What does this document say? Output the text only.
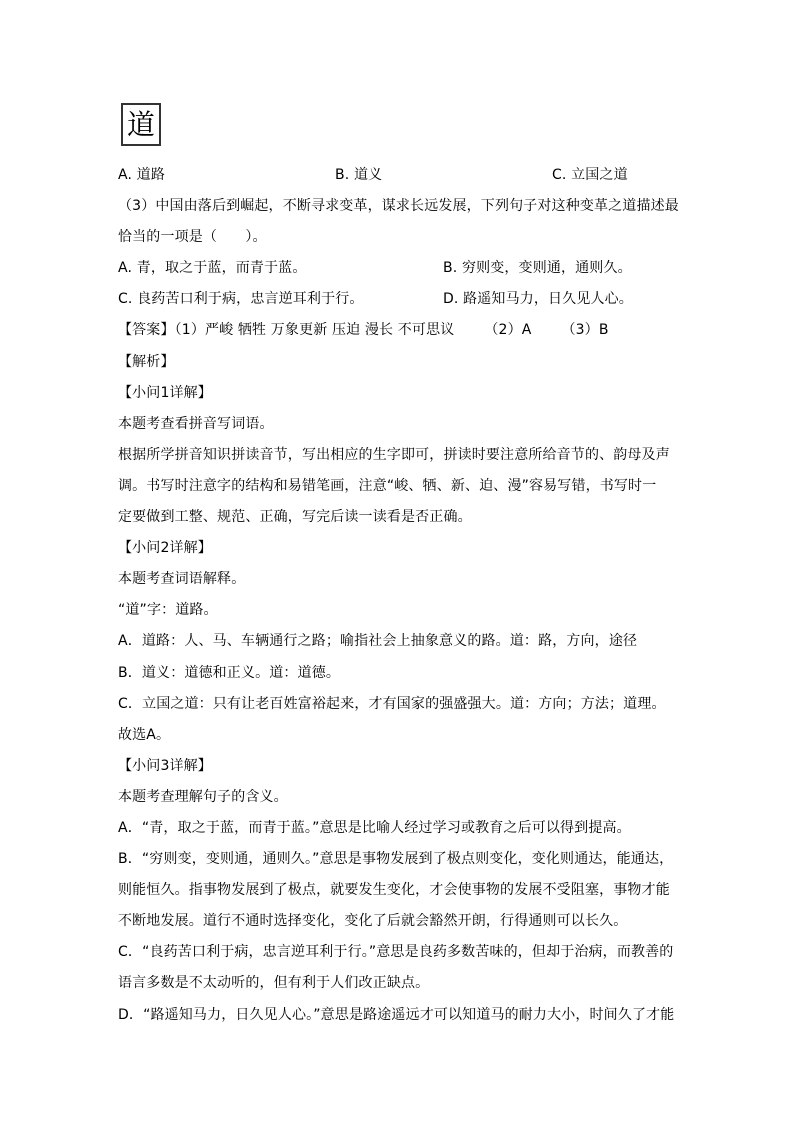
道
A. 道路	B. 道义	C. 立国之道
（3）中国由落后到崛起，不断寻求变革，谋求长远发展，下列句子对这种变革之道描述最
恰当的一项是（　　）。
A. 青，取之于蓝，而青于蓝。	B. 穷则变，变则通，通则久。
C. 良药苦口利于病，忠言逆耳利于行。	D. 路遥知马力，日久见人心。
【答案】（1）严峻 牺牲 万象更新 压迫 漫长 不可思议 （2）A （3）B
【解析】
【小问1详解】
本题考查看拼音写词语。
根据所学拼音知识拼读音节，写出相应的生字即可，拼读时要注意所给音节的、韵母及声
调。书写时注意字的结构和易错笔画，注意“峻、牺、新、迫、漫”容易写错，书写时一
定要做到工整、规范、正确，写完后读一读看是否正确。
【小问2详解】
本题考查词语解释。
“道”字：道路。
A．道路：人、马、车辆通行之路；喻指社会上抽象意义的路。道：路，方向，途径
B．道义：道德和正义。道：道德。
C．立国之道：只有让老百姓富裕起来，才有国家的强盛强大。道：方向；方法；道理。
故选A。
【小问3详解】
本题考查理解句子的含义。
A．“青，取之于蓝，而青于蓝。”意思是比喻人经过学习或教育之后可以得到提高。
B．“穷则变，变则通，通则久。”意思是事物发展到了极点则变化，变化则通达，能通达，
则能恒久。指事物发展到了极点，就要发生变化，才会使事物的发展不受阻塞，事物才能
不断地发展。道行不通时选择变化，变化了后就会豁然开朗，行得通则可以长久。
C．“良药苦口利于病，忠言逆耳利于行。”意思是良药多数苦味的，但却于治病，而教善的
语言多数是不太动听的，但有利于人们改正缺点。
D．“路遥知马力，日久见人心。”意思是路途遥远才可以知道马的耐力大小，时间久了才能
